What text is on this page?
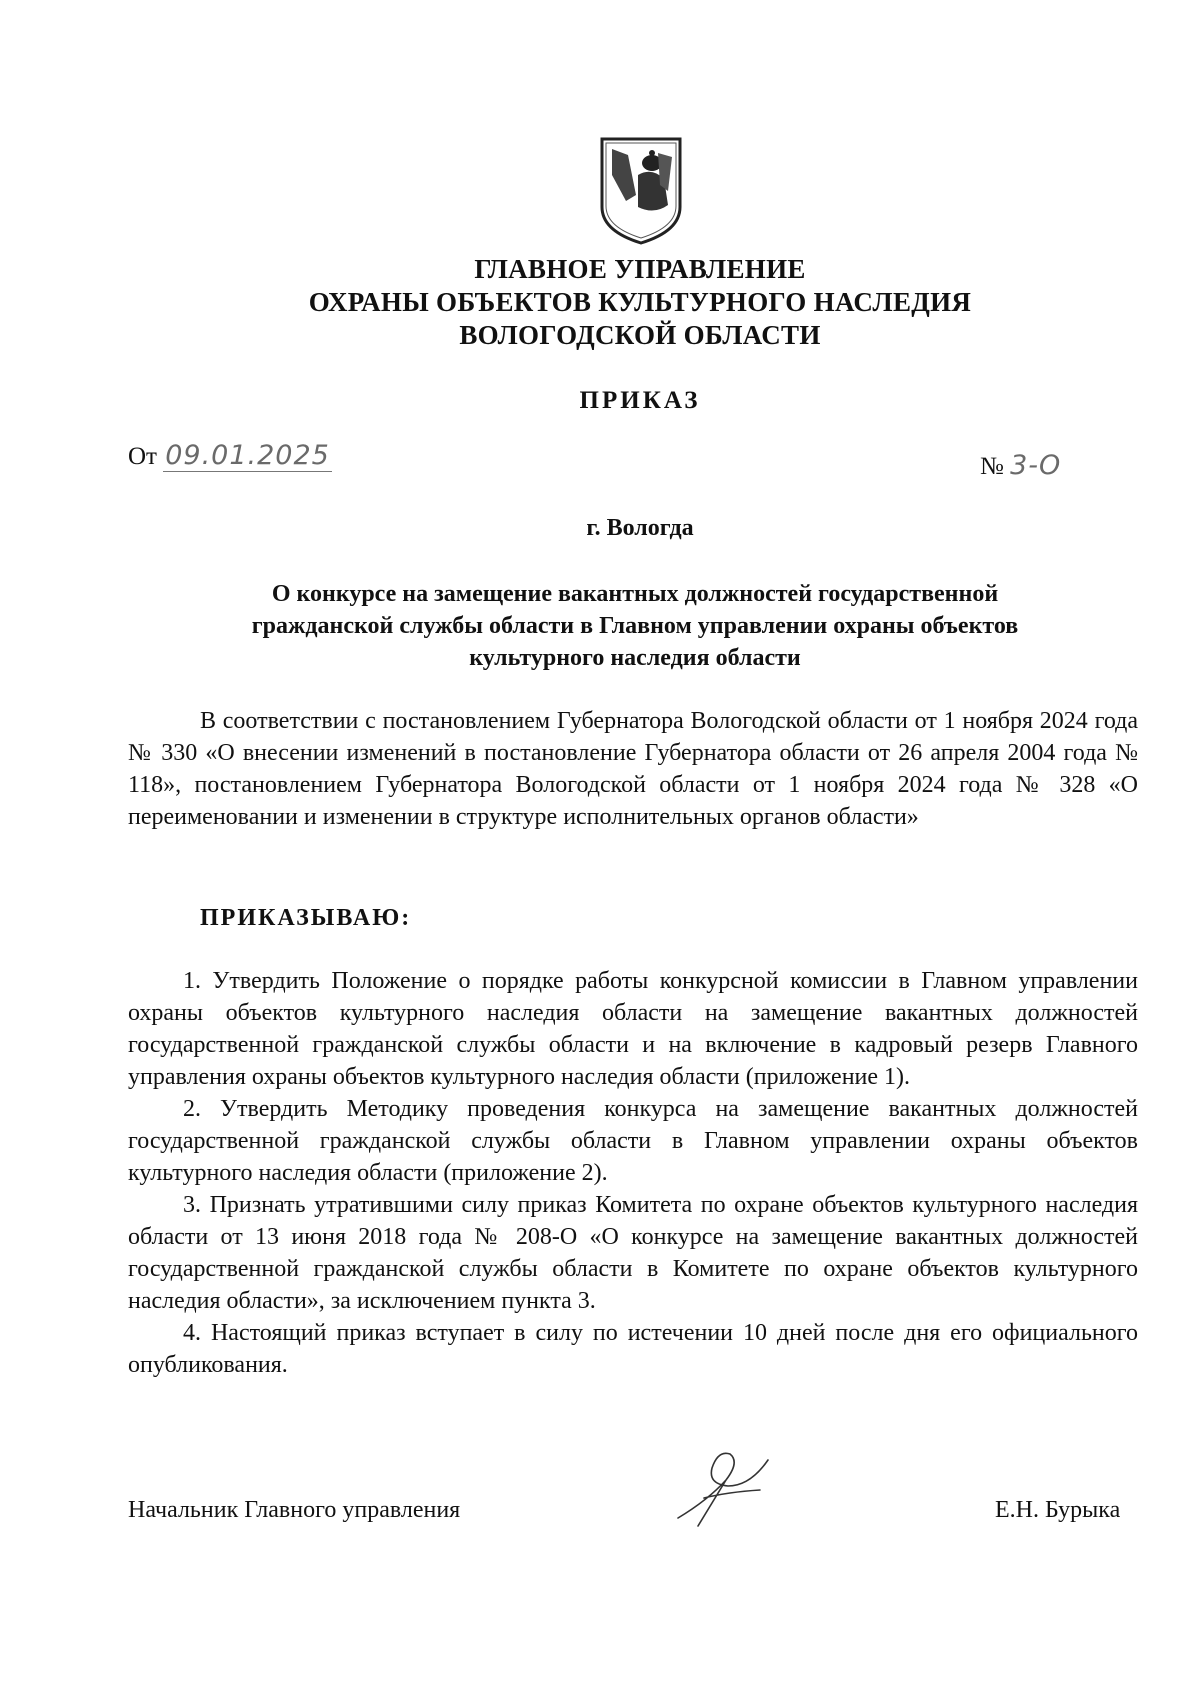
ГЛАВНОЕ УПРАВЛЕНИЕ
ОХРАНЫ ОБЪЕКТОВ КУЛЬТУРНОГО НАСЛЕДИЯ
ВОЛОГОДСКОЙ ОБЛАСТИ
ПРИКАЗ
От 09.01.2025	№ 3-О
г. Вологда
О конкурсе на замещение вакантных должностей государственной
гражданской службы области в Главном управлении охраны объектов
культурного наследия области
В соответствии с постановлением Губернатора Вологодской области от 1 ноября 2024 года № 330 «О внесении изменений в постановление Губернатора области от 26 апреля 2004 года № 118», постановлением Губернатора Вологодской области от 1 ноября 2024 года № 328 «О переименовании и изменении в структуре исполнительных органов области»
ПРИКАЗЫВАЮ:

1. Утвердить Положение о порядке работы конкурсной комиссии в Главном управлении охраны объектов культурного наследия области на замещение вакантных должностей государственной гражданской службы области и на включение в кадровый резерв Главного управления охраны объектов культурного наследия области (приложение 1).

2. Утвердить Методику проведения конкурса на замещение вакантных должностей государственной гражданской службы области в Главном управлении охраны объектов культурного наследия области (приложение 2).

3. Признать утратившими силу приказ Комитета по охране объектов культурного наследия области от 13 июня 2018 года № 208-О «О конкурсе на замещение вакантных должностей государственной гражданской службы области в Комитете по охране объектов культурного наследия области», за исключением пункта 3.

4. Настоящий приказ вступает в силу по истечении 10 дней после дня его официального опубликования.

Начальник Главного управления	Е.Н. Бурыка
